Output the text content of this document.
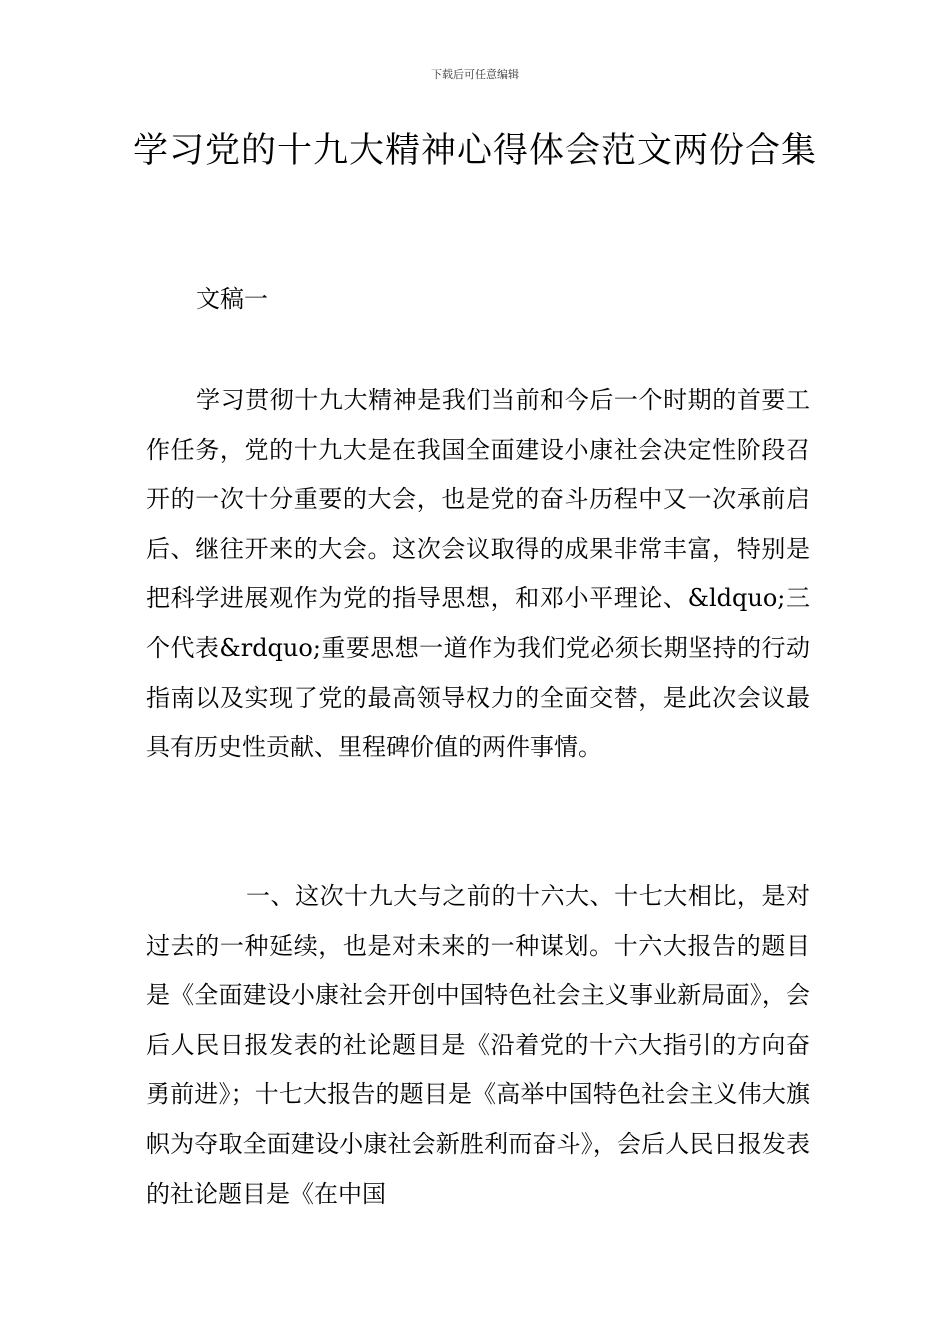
下载后可任意编辑
学习党的十九大精神心得体会范文两份合集
文稿一

学习贯彻十九大精神是我们当前和今后一个时期的首要工作任务，党的十九大是在我国全面建设小康社会决定性阶段召开的一次十分重要的大会，也是党的奋斗历程中又一次承前启后、继往开来的大会。这次会议取得的成果非常丰富，特别是把科学进展观作为党的指导思想，和邓小平理论、&ldquo;三个代表&rdquo;重要思想一道作为我们党必须长期坚持的行动指南以及实现了党的最高领导权力的全面交替，是此次会议最具有历史性贡献、里程碑价值的两件事情。

一、这次十九大与之前的十六大、十七大相比，是对过去的一种延续，也是对未来的一种谋划。十六大报告的题目是《全面建设小康社会开创中国特色社会主义事业新局面》，会后人民日报发表的社论题目是《沿着党的十六大指引的方向奋勇前进》；十七大报告的题目是《高举中国特色社会主义伟大旗帜为夺取全面建设小康社会新胜利而奋斗》，会后人民日报发表的社论题目是《在中国
